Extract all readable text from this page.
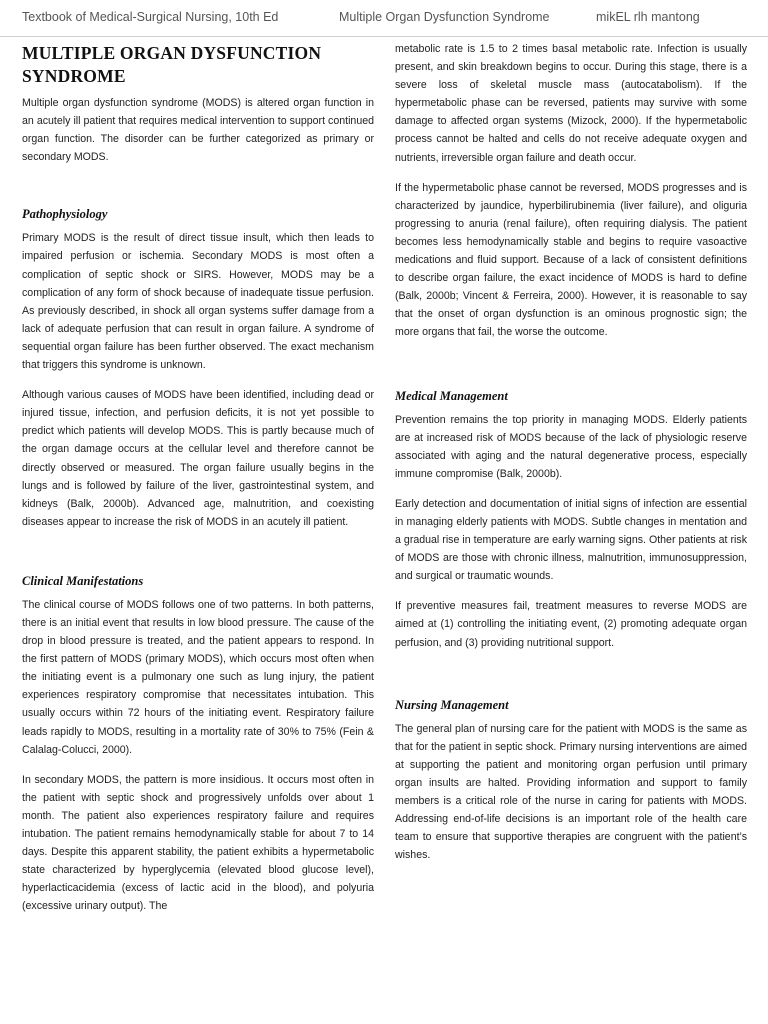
Textbook of Medical-Surgical Nursing, 10th Ed	Multiple Organ Dysfunction Syndrome	mikEL rlh mantong
MULTIPLE ORGAN DYSFUNCTION SYNDROME

Multiple organ dysfunction syndrome (MODS) is altered organ function in an acutely ill patient that requires medical intervention to support continued organ function. The disorder can be further categorized as primary or secondary MODS.

Pathophysiology

Primary MODS is the result of direct tissue insult, which then leads to impaired perfusion or ischemia. Secondary MODS is most often a complication of septic shock or SIRS. However, MODS may be a complication of any form of shock because of inadequate tissue perfusion. As previously described, in shock all organ systems suffer damage from a lack of adequate perfusion that can result in organ failure. A syndrome of sequential organ failure has been further observed. The exact mechanism that triggers this syndrome is unknown.

Although various causes of MODS have been identified, including dead or injured tissue, infection, and perfusion deficits, it is not yet possible to predict which patients will develop MODS. This is partly because much of the organ damage occurs at the cellular level and therefore cannot be directly observed or measured. The organ failure usually begins in the lungs and is followed by failure of the liver, gastrointestinal system, and kidneys (Balk, 2000b). Advanced age, malnutrition, and coexisting diseases appear to increase the risk of MODS in an acutely ill patient.

Clinical Manifestations

The clinical course of MODS follows one of two patterns. In both patterns, there is an initial event that results in low blood pressure. The cause of the drop in blood pressure is treated, and the patient appears to respond. In the first pattern of MODS (primary MODS), which occurs most often when the initiating event is a pulmonary one such as lung injury, the patient experiences respiratory compromise that necessitates intubation. This usually occurs within 72 hours of the initiating event. Respiratory failure leads rapidly to MODS, resulting in a mortality rate of 30% to 75% (Fein & Calalag-Colucci, 2000).

In secondary MODS, the pattern is more insidious. It occurs most often in the patient with septic shock and progressively unfolds over about 1 month. The patient also experiences respiratory failure and requires intubation. The patient remains hemodynamically stable for about 7 to 14 days. Despite this apparent stability, the patient exhibits a hypermetabolic state characterized by hyperglycemia (elevated blood glucose level), hyperlacticacidemia (excess of lactic acid in the blood), and polyuria (excessive urinary output). The

metabolic rate is 1.5 to 2 times basal metabolic rate. Infection is usually present, and skin breakdown begins to occur. During this stage, there is a severe loss of skeletal muscle mass (autocatabolism). If the hypermetabolic phase can be reversed, patients may survive with some damage to affected organ systems (Mizock, 2000). If the hypermetabolic process cannot be halted and cells do not receive adequate oxygen and nutrients, irreversible organ failure and death occur.

If the hypermetabolic phase cannot be reversed, MODS progresses and is characterized by jaundice, hyperbilirubinemia (liver failure), and oliguria progressing to anuria (renal failure), often requiring dialysis. The patient becomes less hemodynamically stable and begins to require vasoactive medications and fluid support. Because of a lack of consistent definitions to describe organ failure, the exact incidence of MODS is hard to define (Balk, 2000b; Vincent & Ferreira, 2000). However, it is reasonable to say that the onset of organ dysfunction is an ominous prognostic sign; the more organs that fail, the worse the outcome.

Medical Management

Prevention remains the top priority in managing MODS. Elderly patients are at increased risk of MODS because of the lack of physiologic reserve associated with aging and the natural degenerative process, especially immune compromise (Balk, 2000b).

Early detection and documentation of initial signs of infection are essential in managing elderly patients with MODS. Subtle changes in mentation and a gradual rise in temperature are early warning signs. Other patients at risk of MODS are those with chronic illness, malnutrition, immunosuppression, and surgical or traumatic wounds.

If preventive measures fail, treatment measures to reverse MODS are aimed at (1) controlling the initiating event, (2) promoting adequate organ perfusion, and (3) providing nutritional support.

Nursing Management

The general plan of nursing care for the patient with MODS is the same as that for the patient in septic shock. Primary nursing interventions are aimed at supporting the patient and monitoring organ perfusion until primary organ insults are halted. Providing information and support to family members is a critical role of the nurse in caring for patients with MODS. Addressing end-of-life decisions is an important role of the health care team to ensure that supportive therapies are congruent with the patient’s wishes.
